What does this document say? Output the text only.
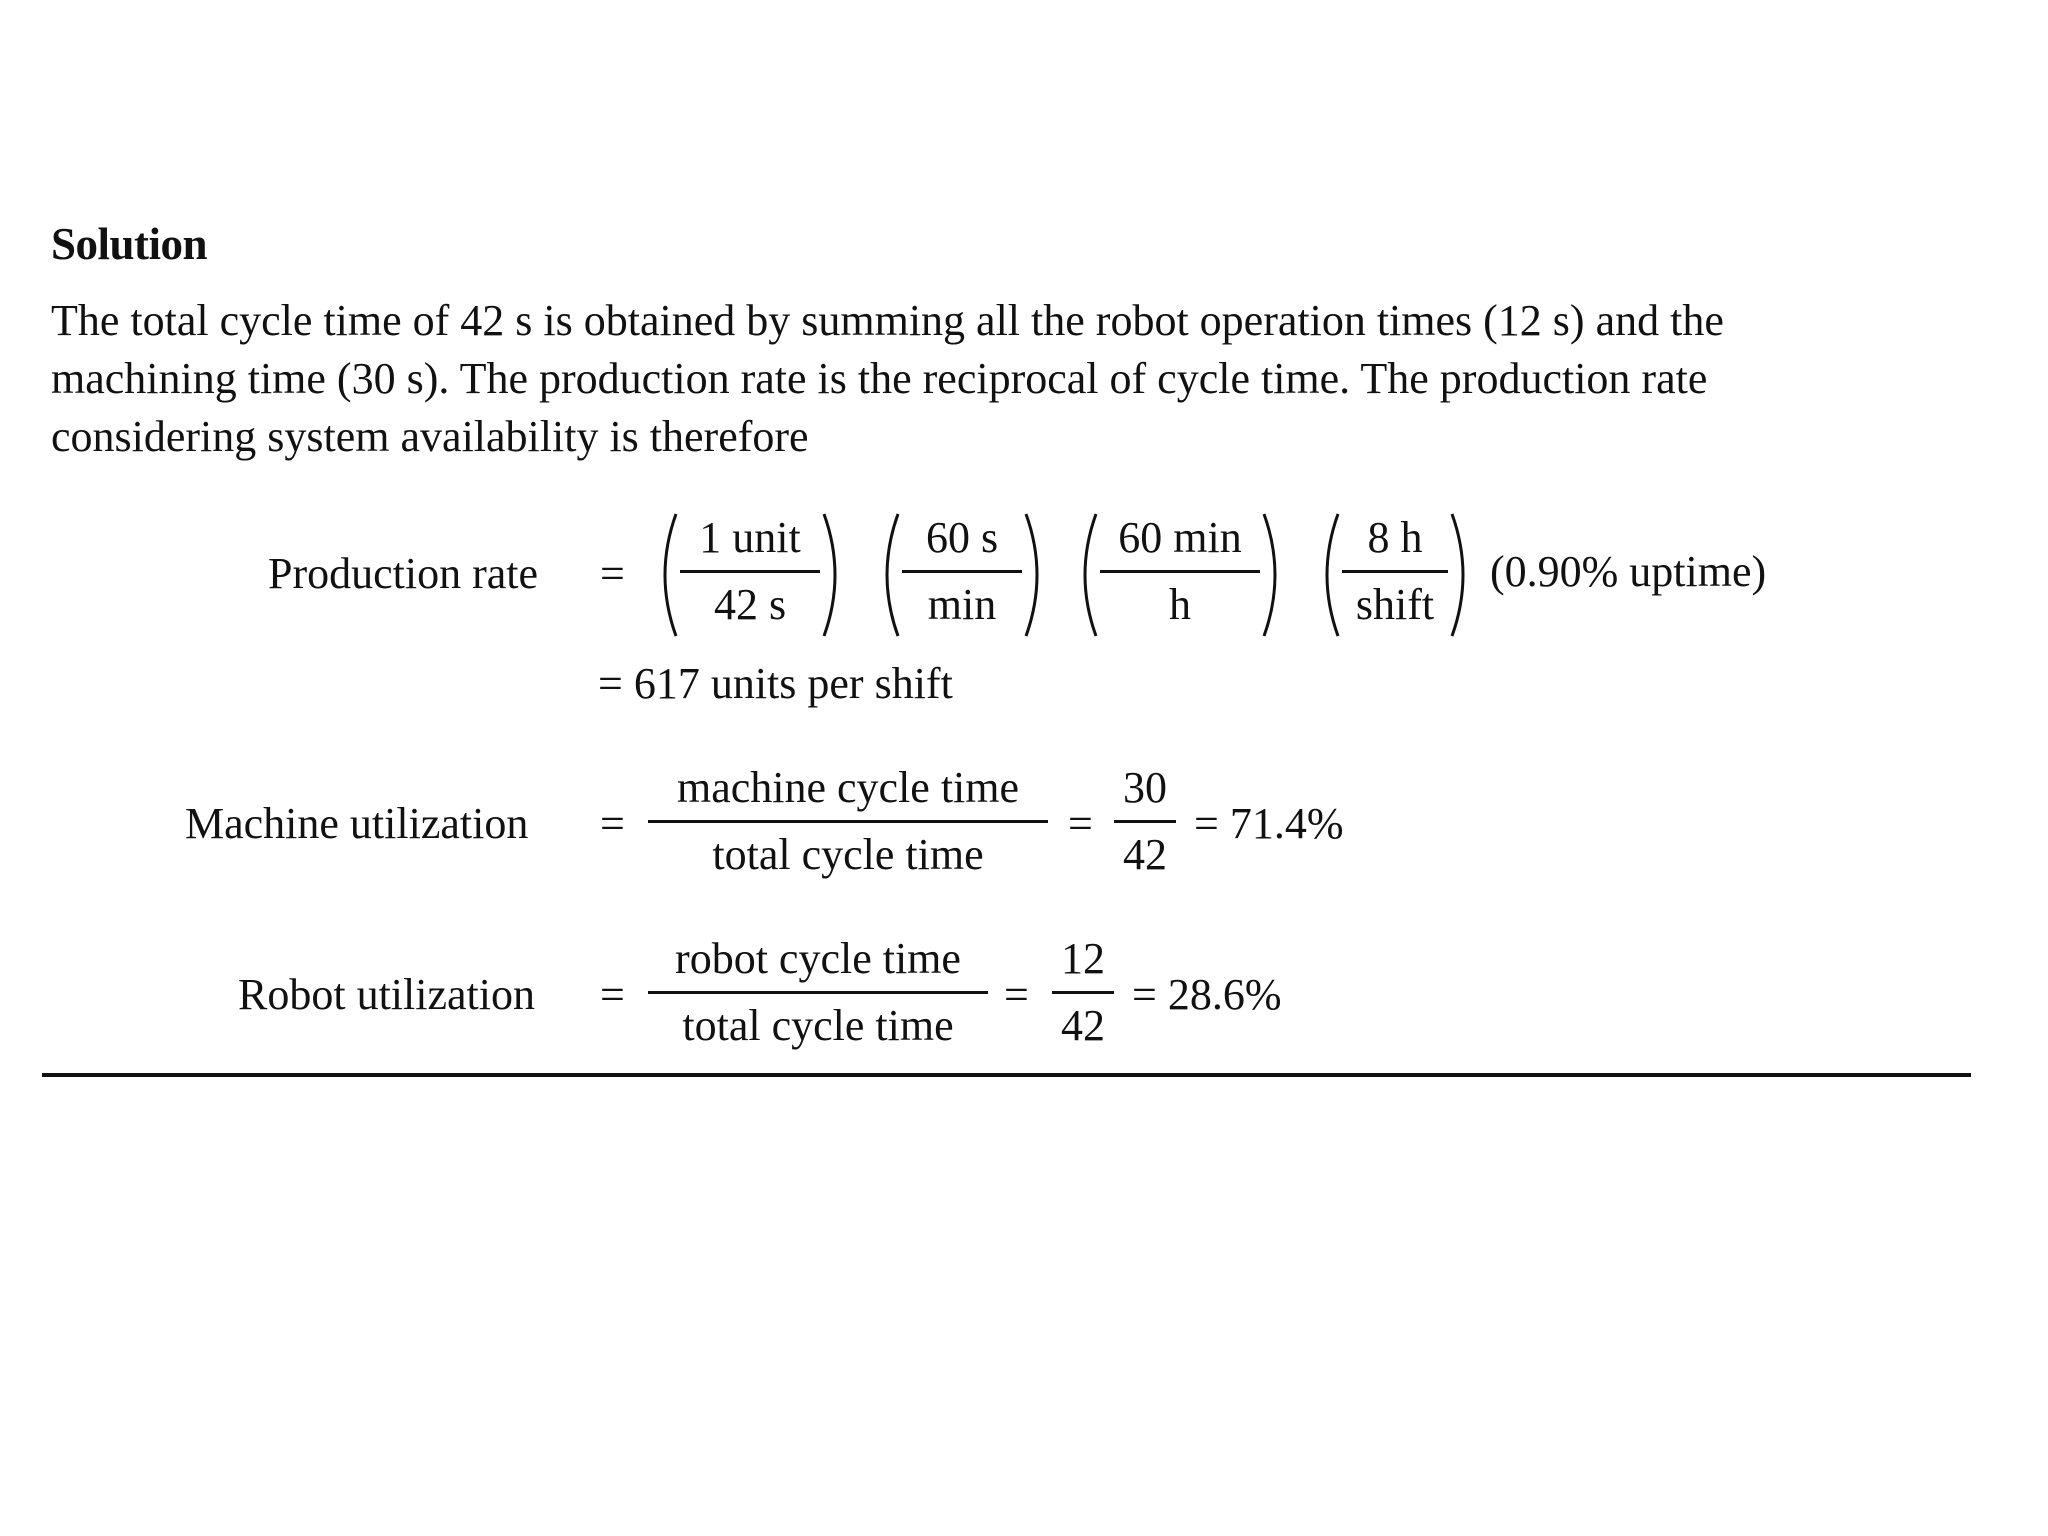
Solution

The total cycle time of 42 s is obtained by summing all the robot operation times (12 s) and the
machining time (30 s). The production rate is the reciprocal of cycle time. The production rate
considering system availability is therefore

Production rate =
1 unit
42 s
60 s
min
60 min
h
8 h
shift
(0.90% uptime)
= 617 units per shift
Machine utilization =
machine cycle time
total cycle time
=
30
42
= 71.4%
Robot utilization =
robot cycle time
total cycle time
=
12
42
= 28.6%
